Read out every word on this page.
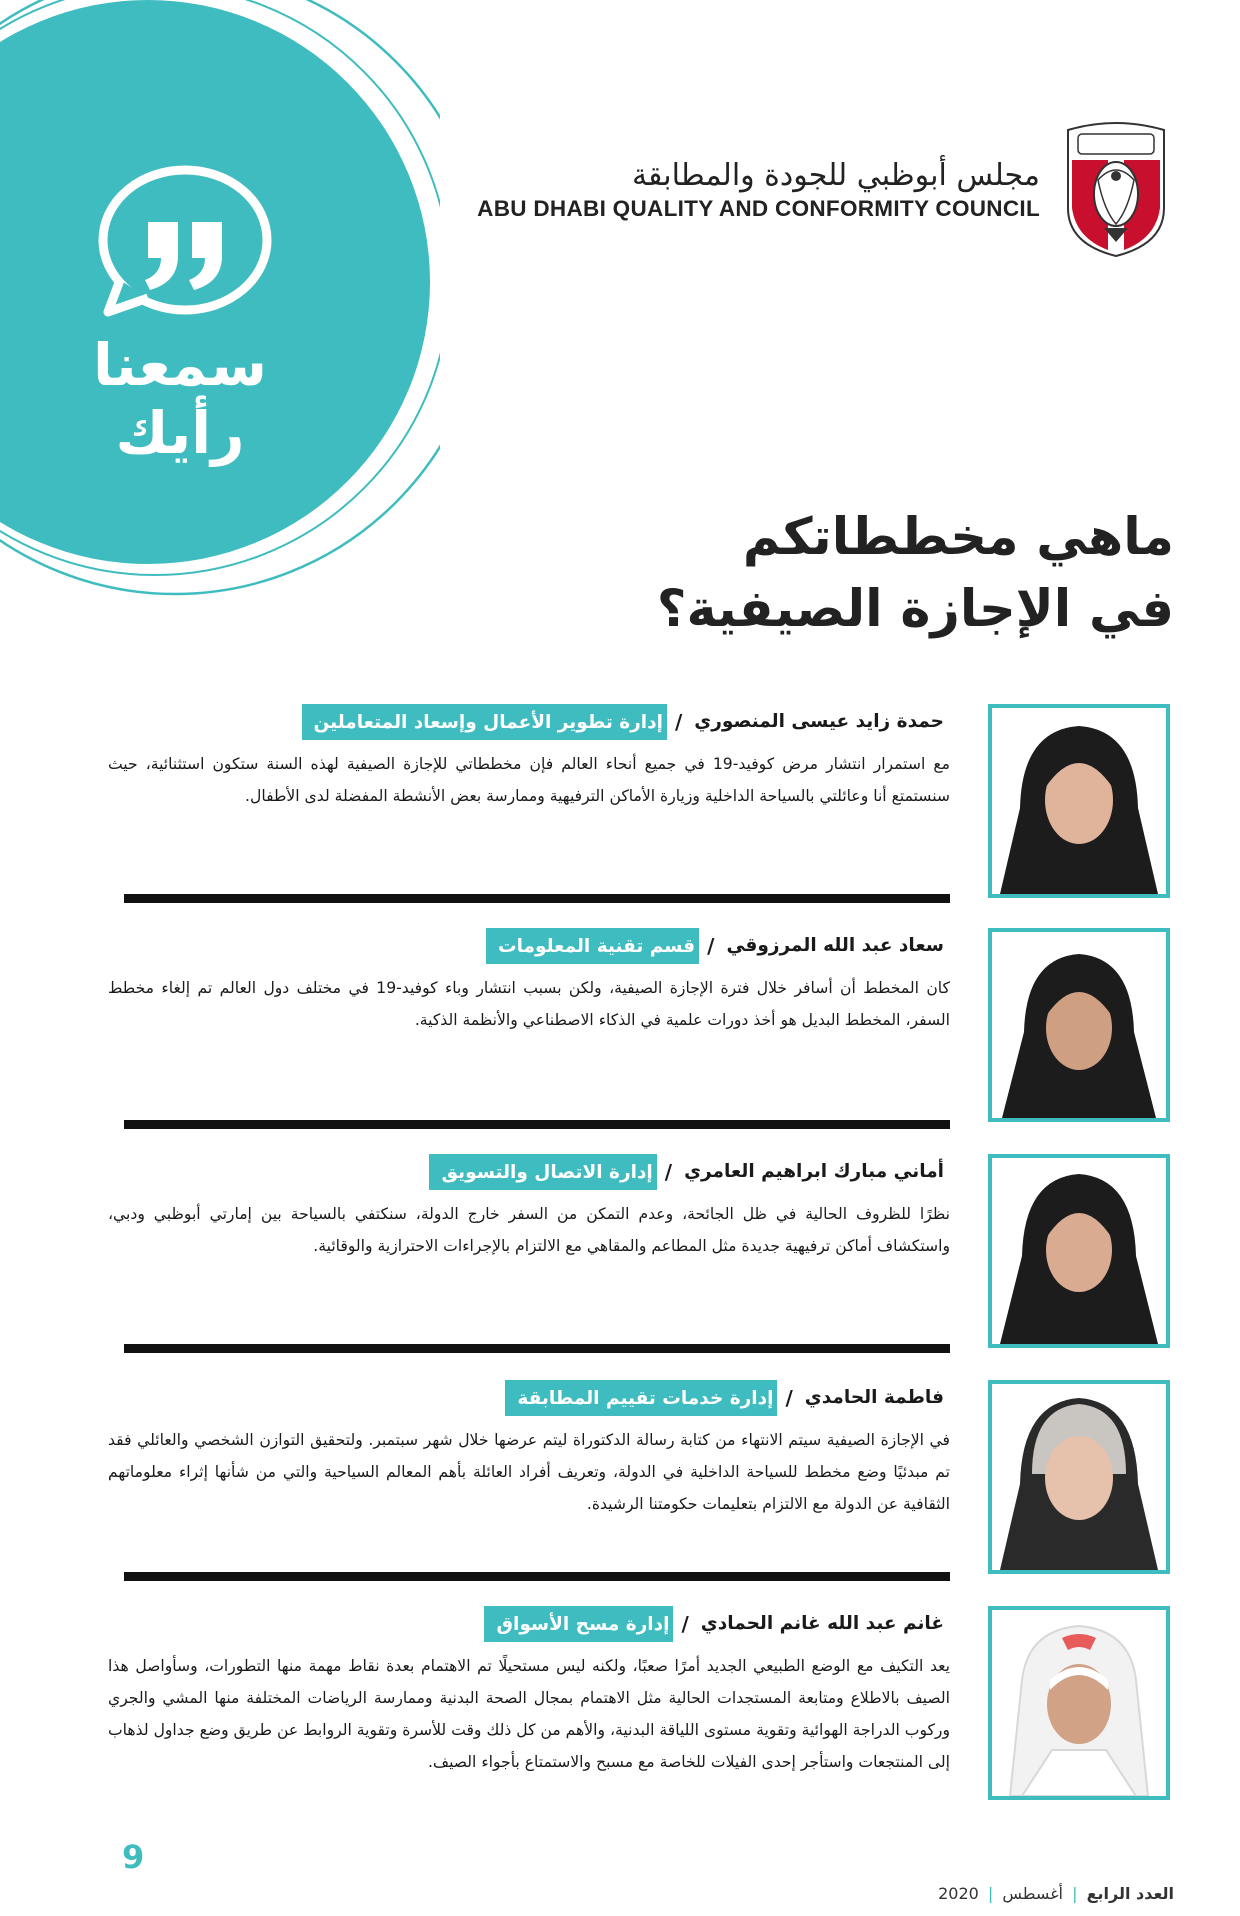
سمعنا
رأيك
مجلس أبوظبي للجودة والمطابقة
ABU DHABI QUALITY AND CONFORMITY COUNCIL
ماهي مخططاتكم
في الإجازة الصيفية؟
حمدة زايد عيسى المنصوري
/
إدارة تطوير الأعمال وإسعاد المتعاملين
مع استمرار انتشار مرض كوفيد-19 في جميع أنحاء العالم فإن مخططاتي للإجازة الصيفية لهذه السنة ستكون استثنائية، حيث سنستمتع أنا وعائلتي بالسياحة الداخلية وزيارة الأماكن الترفيهية وممارسة بعض الأنشطة المفضلة لدى الأطفال.
سعاد عبد الله المرزوقي
/
قسم تقنية المعلومات
كان المخطط أن أسافر خلال فترة الإجازة الصيفية، ولكن بسبب انتشار وباء كوفيد-19 في مختلف دول العالم تم إلغاء مخطط السفر، المخطط البديل هو أخذ دورات علمية في الذكاء الاصطناعي والأنظمة الذكية.
أماني مبارك ابراهيم العامري
/
إدارة الاتصال والتسويق
نظرًا للظروف الحالية في ظل الجائحة، وعدم التمكن من السفر خارج الدولة، سنكتفي بالسياحة بين إمارتي أبوظبي ودبي، واستكشاف أماكن ترفيهية جديدة مثل المطاعم والمقاهي مع الالتزام بالإجراءات الاحترازية والوقائية.
فاطمة الحامدي
/
إدارة خدمات تقييم المطابقة
في الإجازة الصيفية سيتم الانتهاء من كتابة رسالة الدكتوراة ليتم عرضها خلال شهر سبتمبر. ولتحقيق التوازن الشخصي والعائلي فقد تم مبدئيًا وضع مخطط للسياحة الداخلية في الدولة، وتعريف أفراد العائلة بأهم المعالم السياحية والتي من شأنها إثراء معلوماتهم الثقافية عن الدولة مع الالتزام بتعليمات حكومتنا الرشيدة.
غانم عبد الله غانم الحمادي
/
إدارة مسح الأسواق
يعد التكيف مع الوضع الطبيعي الجديد أمرًا صعبًا، ولكنه ليس مستحيلًا تم الاهتمام بعدة نقاط مهمة منها التطورات، وسأواصل هذا الصيف بالاطلاع ومتابعة المستجدات الحالية مثل الاهتمام بمجال الصحة البدنية وممارسة الرياضات المختلفة منها المشي والجري وركوب الدراجة الهوائية وتقوية مستوى اللياقة البدنية، والأهم من كل ذلك وقت للأسرة وتقوية الروابط عن طريق وضع جداول لذهاب إلى المنتجعات واستأجر إحدى الفيلات للخاصة مع مسبح والاستمتاع بأجواء الصيف.
9
العدد الرابع | أغسطس | 2020
